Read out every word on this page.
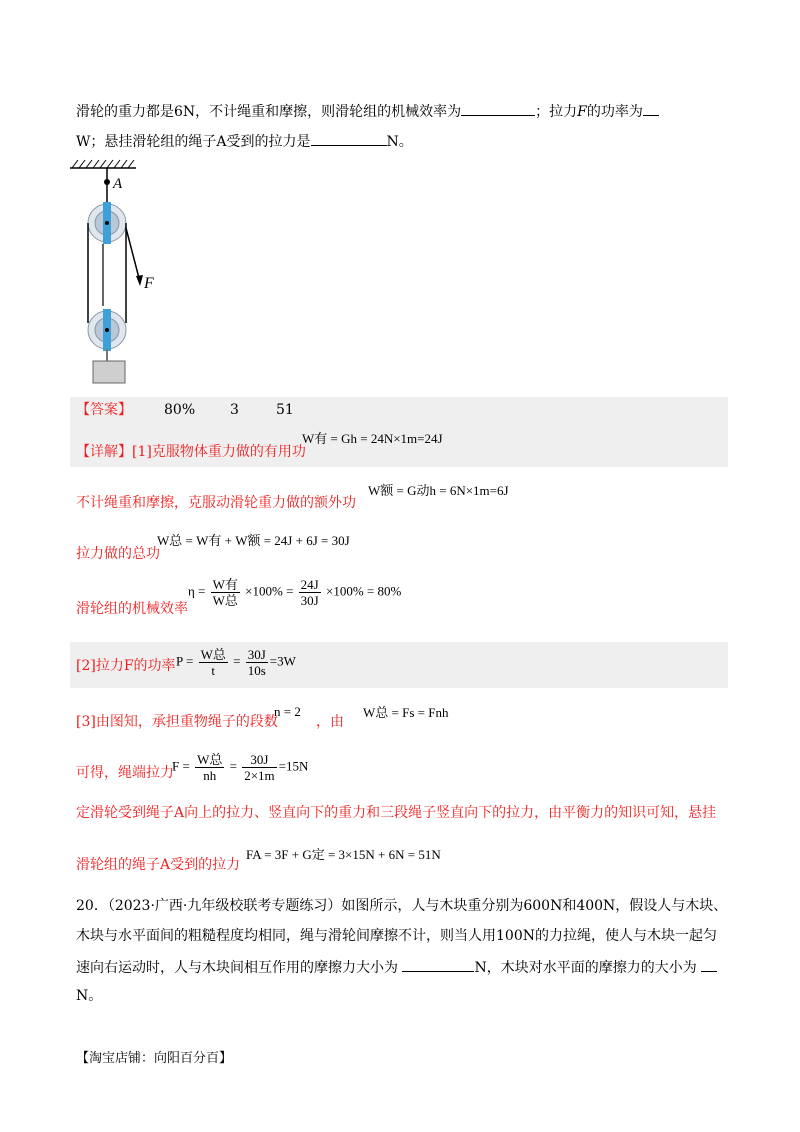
滑轮的重力都是6N，不计绳重和摩擦，则滑轮组的机械效率为	；拉力F的功率为
W；悬挂滑轮组的绳子A受到的拉力是	N。
A
F
【答案】 80% 3	51
【详解】[1]克服物体重力做的有用功
W有 = Gh = 24N×1m=24J
不计绳重和摩擦，克服动滑轮重力做的额外功
W额 = G动h = 6N×1m=6J
W总 = W有 + W额 = 24J + 6J = 30J
拉力做的总功
$\eta = \frac{\text{W有}}{\text{W总}} \times 100\% = \frac{24J}{30J} \times 100\% = 80\%$
滑轮组的机械效率
[2]拉力F的功率 $P = \frac{\text{W总}}{t} = \frac{30J}{10s} =3W$
[3]由图知，承担重物绳子的段数
n = 2
，由
W总 = Fs = Fnh
可得，绳端拉力
$F = \frac{\text{W总}}{nh} = \frac{30J}{2\times 1m} =15N$
定滑轮受到绳子A向上的拉力、竖直向下的重力和三段绳子竖直向下的拉力，由平衡力的知识可知，悬挂
滑轮组的绳子A受到的拉力
FA = 3F + G定 = 3×15N + 6N = 51N
20．（2023·广西·九年级校联考专题练习）如图所示，人与木块重分别为600N和400N，假设人与木块、
木块与水平面间的粗糙程度均相同，绳与滑轮间摩擦不计，则当人用100N的力拉绳，使人与木块一起匀
速向右运动时，人与木块间相互作用的摩擦力大小为	N，木块对水平面的摩擦力的大小为
N。
【淘宝店铺：向阳百分百】
